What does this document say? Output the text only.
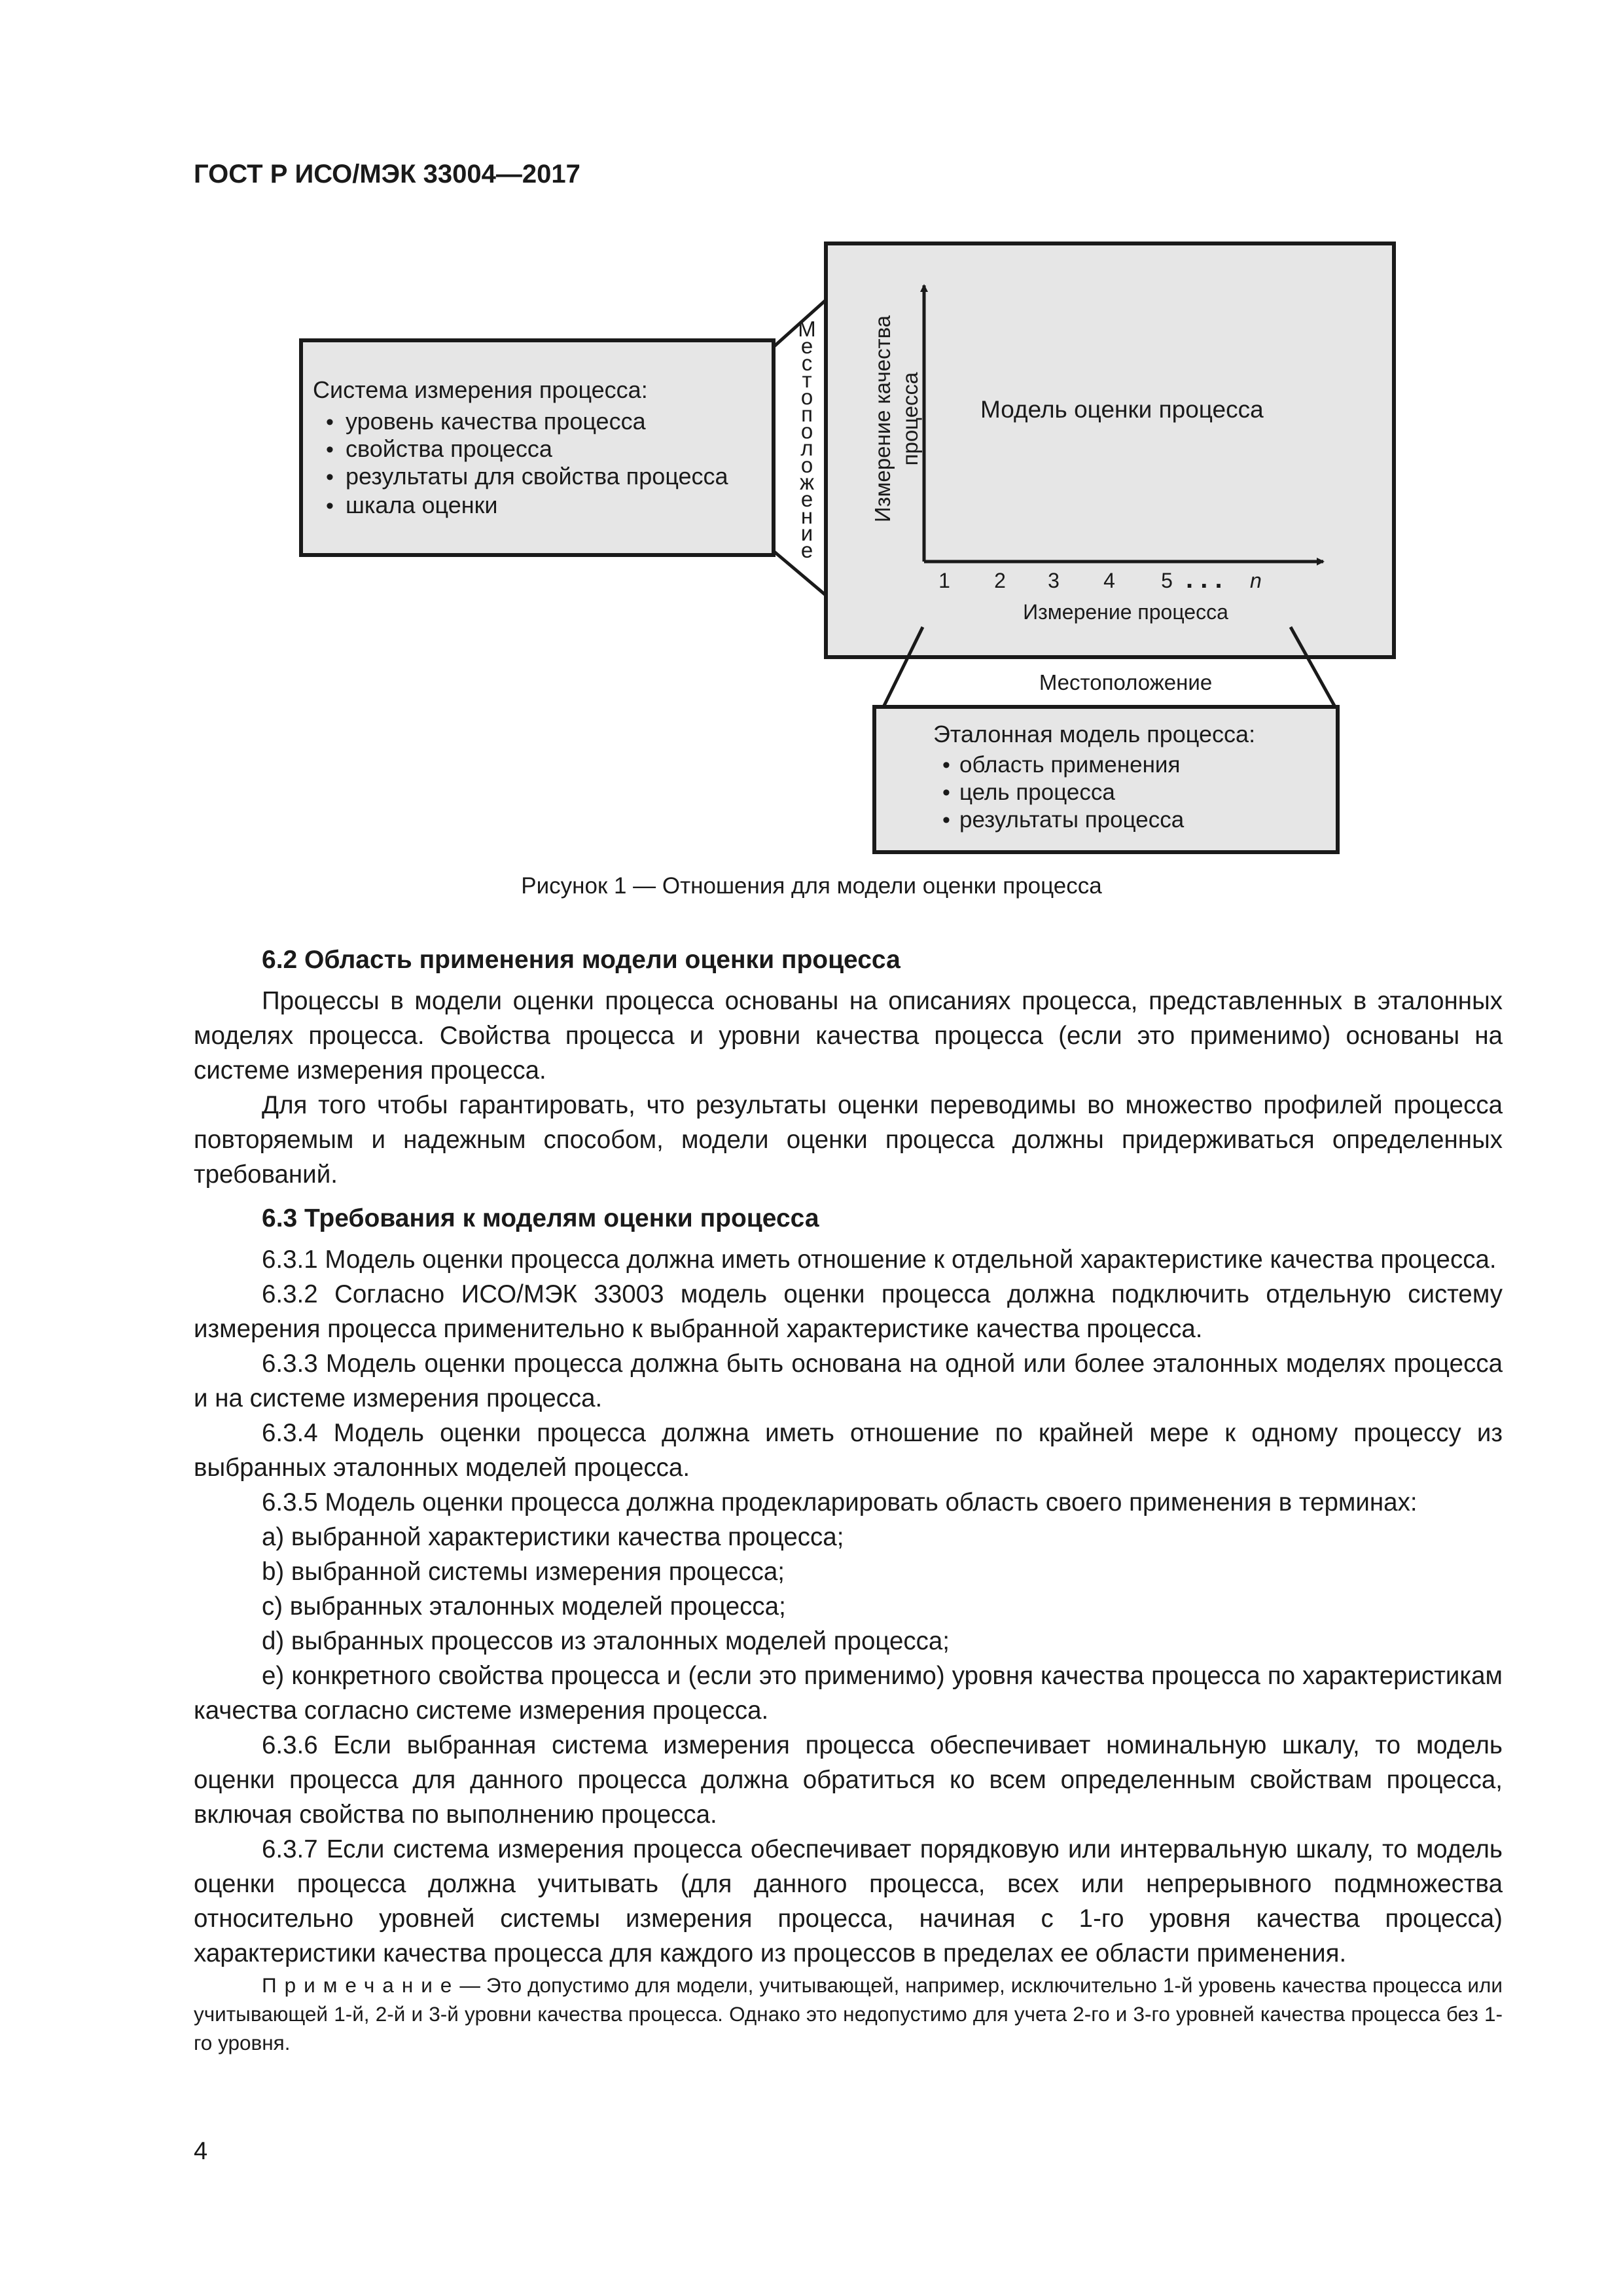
ГОСТ Р ИСО/МЭК 33004—2017
Система измерения процесса:
• уровень качества процесса
• свойства процесса
• результаты для свойства процесса
• шкала оценки
М
е
с
т
о
п
о
л
о
ж
е
н
и
е
Измерение качества процесса Модель оценки процесса
1 2 3 4 5 . . . n
Измерение процесса
Местоположение
Эталонная модель процесса:
• область применения
• цель процесса
• результаты процесса
Рисунок 1 — Отношения для модели оценки процесса
6.2 Область применения модели оценки процесса

Процессы в модели оценки процесса основаны на описаниях процесса, представленных в эталонных моделях процесса. Свойства процесса и уровни качества процесса (если это применимо) основаны на системе измерения процесса.

Для того чтобы гарантировать, что результаты оценки переводимы во множество профилей процесса повторяемым и надежным способом, модели оценки процесса должны придерживаться определенных требований.

6.3 Требования к моделям оценки процесса

6.3.1 Модель оценки процесса должна иметь отношение к отдельной характеристике качества процесса.

6.3.2 Согласно ИСО/МЭК 33003 модель оценки процесса должна подключить отдельную систему измерения процесса применительно к выбранной характеристике качества процесса.

6.3.3 Модель оценки процесса должна быть основана на одной или более эталонных моделях процесса и на системе измерения процесса.

6.3.4 Модель оценки процесса должна иметь отношение по крайней мере к одному процессу из выбранных эталонных моделей процесса.

6.3.5 Модель оценки процесса должна продекларировать область своего применения в терминах:

a) выбранной характеристики качества процесса;

b) выбранной системы измерения процесса;

c) выбранных эталонных моделей процесса;

d) выбранных процессов из эталонных моделей процесса;

e) конкретного свойства процесса и (если это применимо) уровня качества процесса по характеристикам качества согласно системе измерения процесса.

6.3.6 Если выбранная система измерения процесса обеспечивает номинальную шкалу, то модель оценки процесса для данного процесса должна обратиться ко всем определенным свойствам процесса, включая свойства по выполнению процесса.

6.3.7 Если система измерения процесса обеспечивает порядковую или интервальную шкалу, то модель оценки процесса должна учитывать (для данного процесса, всех или непрерывного подмножества относительно уровней системы измерения процесса, начиная с 1-го уровня качества процесса) характеристики качества процесса для каждого из процессов в пределах ее области применения.

Примечание— Это допустимо для модели, учитывающей, например, исключительно 1-й уровень качества процесса или учитывающей 1-й, 2-й и 3-й уровни качества процесса. Однако это недопустимо для учета 2-го и 3-го уровней качества процесса без 1-го уровня.

4
